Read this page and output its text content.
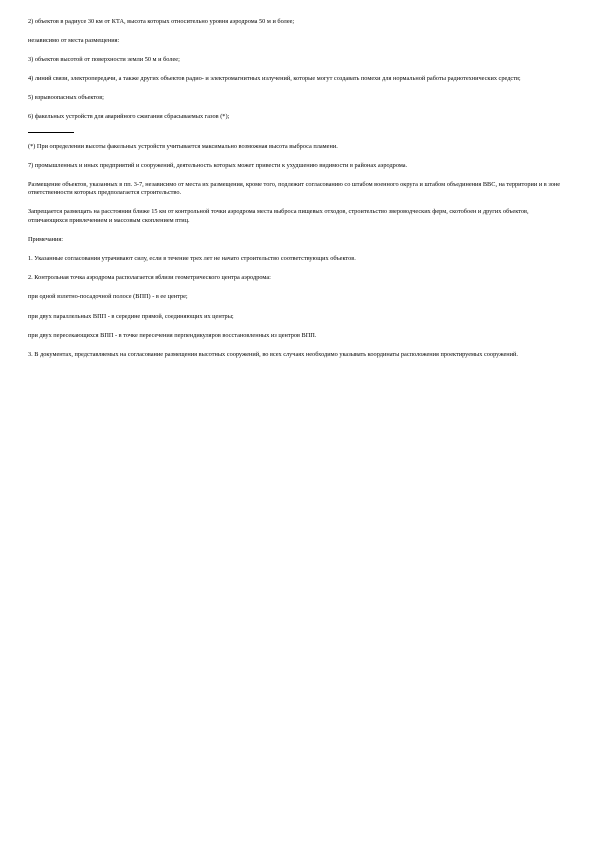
2) объектов в радиусе 30 км от КТА, высота которых относительно уровня аэродрома 50 м и более;

независимо от места размещения:

3) объектов высотой от поверхности земли 50 м и более;

4) линий связи, электропередачи, а также других объектов радио- и электромагнитных излучений, которые могут создавать помехи для нормальной работы радиотехнических средств;

5) взрывоопасных объектов;

6) факельных устройств для аварийного сжигания сбрасываемых газов (*);

(*) При определении высоты факельных устройств учитывается максимально возможная высота выброса пламени.

7) промышленных и иных предприятий и сооружений, деятельность которых может привести к ухудшению видимости в районах аэродрома.

Размещение объектов, указанных в пп. 3-7, независимо от места их размещения, кроме того, подлежит согласованию со штабом военного округа и штабом объединения ВВС, на территории и в зоне ответственности которых предполагается строительство.

Запрещается размещать на расстоянии ближе 15 км от контрольной точки аэродрома места выброса пищевых отходов, строительство звероводческих ферм, скотобоен и других объектов, отличающихся привлечением и массовым скоплением птиц.

Примечания:

1. Указанные согласования утрачивают силу, если в течение трех лет не начато строительство соответствующих объектов.

2. Контрольная точка аэродрома располагается вблизи геометрического центра аэродрома:

при одной взлетно-посадочной полосе (ВПП) - в ее центре;

при двух параллельных ВПП - в середине прямой, соединяющих их центры;

при двух пересекающихся ВПП - в точке пересечения перпендикуляров восстановленных из центров ВПП.

3. В документах, представляемых на согласование размещения высотных сооружений, во всех случаях необходимо указывать координаты расположения проектируемых сооружений.
